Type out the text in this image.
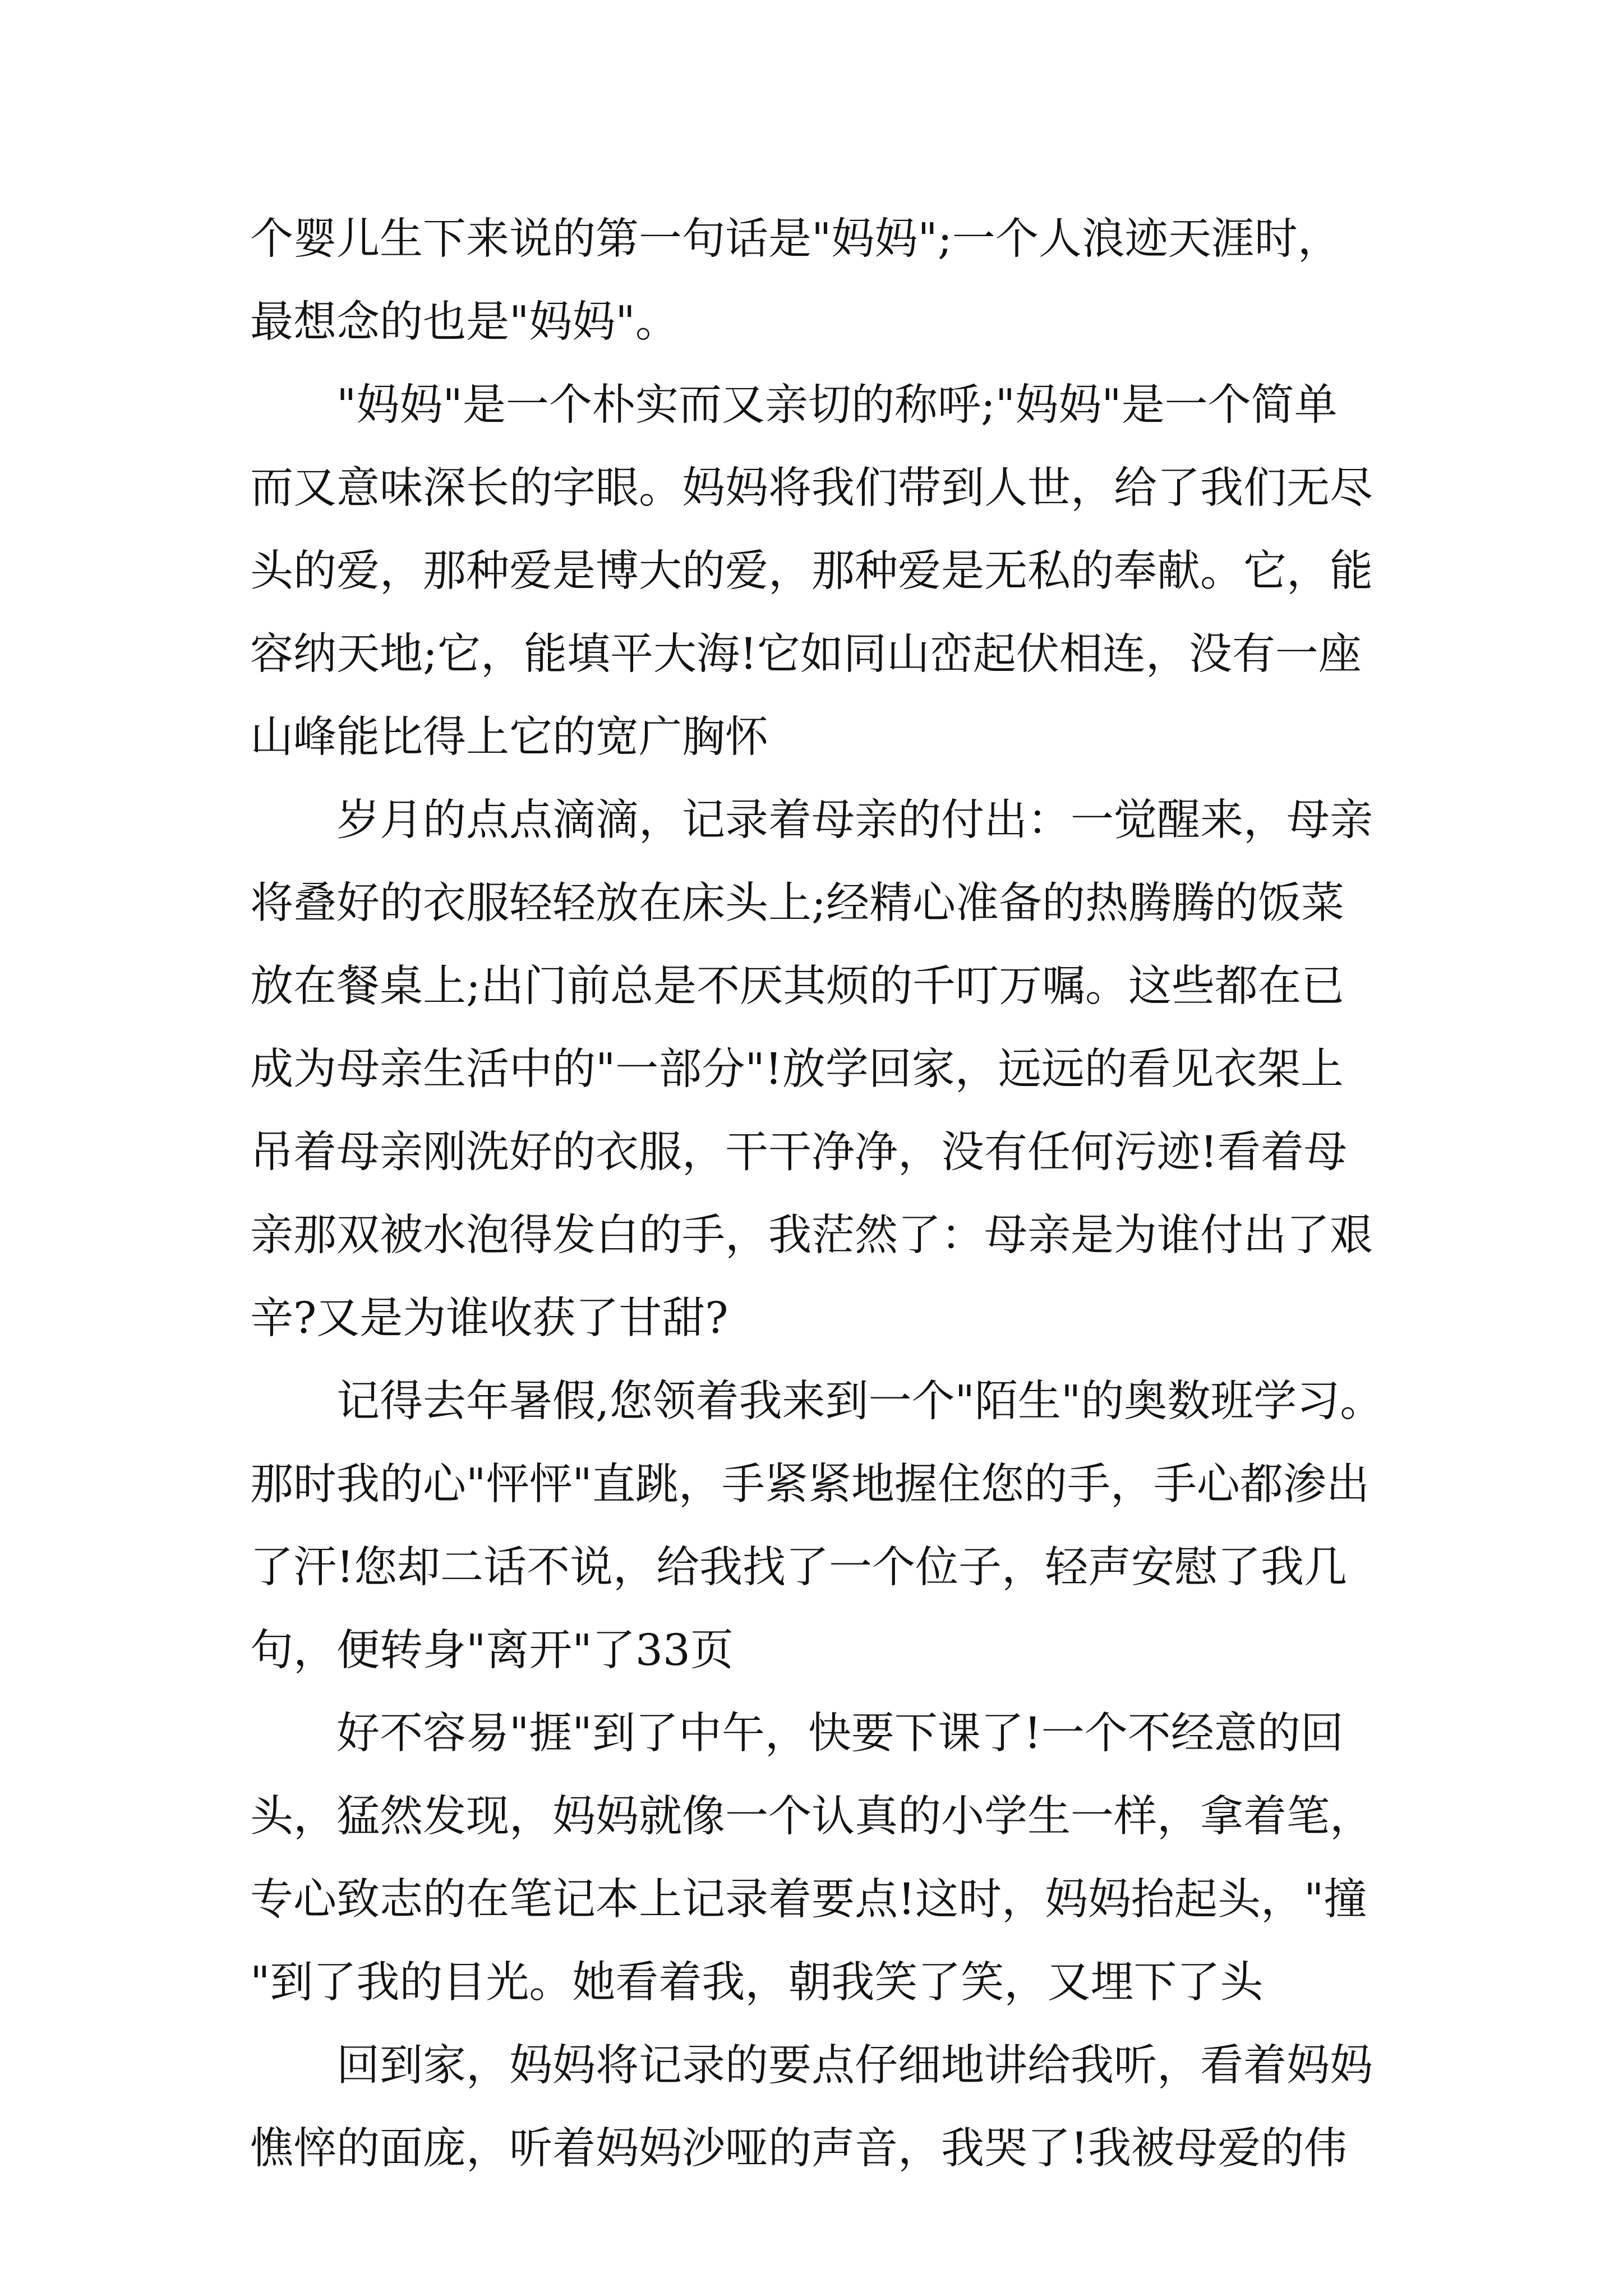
个婴儿生下来说的第一句话是"妈妈";一个人浪迹天涯时，
最想念的也是"妈妈"。
"妈妈"是一个朴实而又亲切的称呼;"妈妈"是一个简单
而又意味深长的字眼。妈妈将我们带到人世，给了我们无尽
头的爱，那种爱是博大的爱，那种爱是无私的奉献。它，能
容纳天地;它，能填平大海!它如同山峦起伏相连，没有一座
山峰能比得上它的宽广胸怀
岁月的点点滴滴，记录着母亲的付出：一觉醒来，母亲
将叠好的衣服轻轻放在床头上;经精心准备的热腾腾的饭菜
放在餐桌上;出门前总是不厌其烦的千叮万嘱。这些都在已
成为母亲生活中的"一部分"!放学回家，远远的看见衣架上
吊着母亲刚洗好的衣服，干干净净，没有任何污迹!看着母
亲那双被水泡得发白的手，我茫然了：母亲是为谁付出了艰
辛?又是为谁收获了甘甜?
记得去年暑假,您领着我来到一个"陌生"的奥数班学习。
那时我的心"怦怦"直跳，手紧紧地握住您的手，手心都渗出
了汗!您却二话不说，给我找了一个位子，轻声安慰了我几
句，便转身"离开"了33页
好不容易"捱"到了中午，快要下课了!一个不经意的回
头，猛然发现，妈妈就像一个认真的小学生一样，拿着笔，
专心致志的在笔记本上记录着要点!这时，妈妈抬起头，"撞
"到了我的目光。她看着我，朝我笑了笑，又埋下了头
回到家，妈妈将记录的要点仔细地讲给我听，看着妈妈
憔悴的面庞，听着妈妈沙哑的声音，我哭了!我被母爱的伟
